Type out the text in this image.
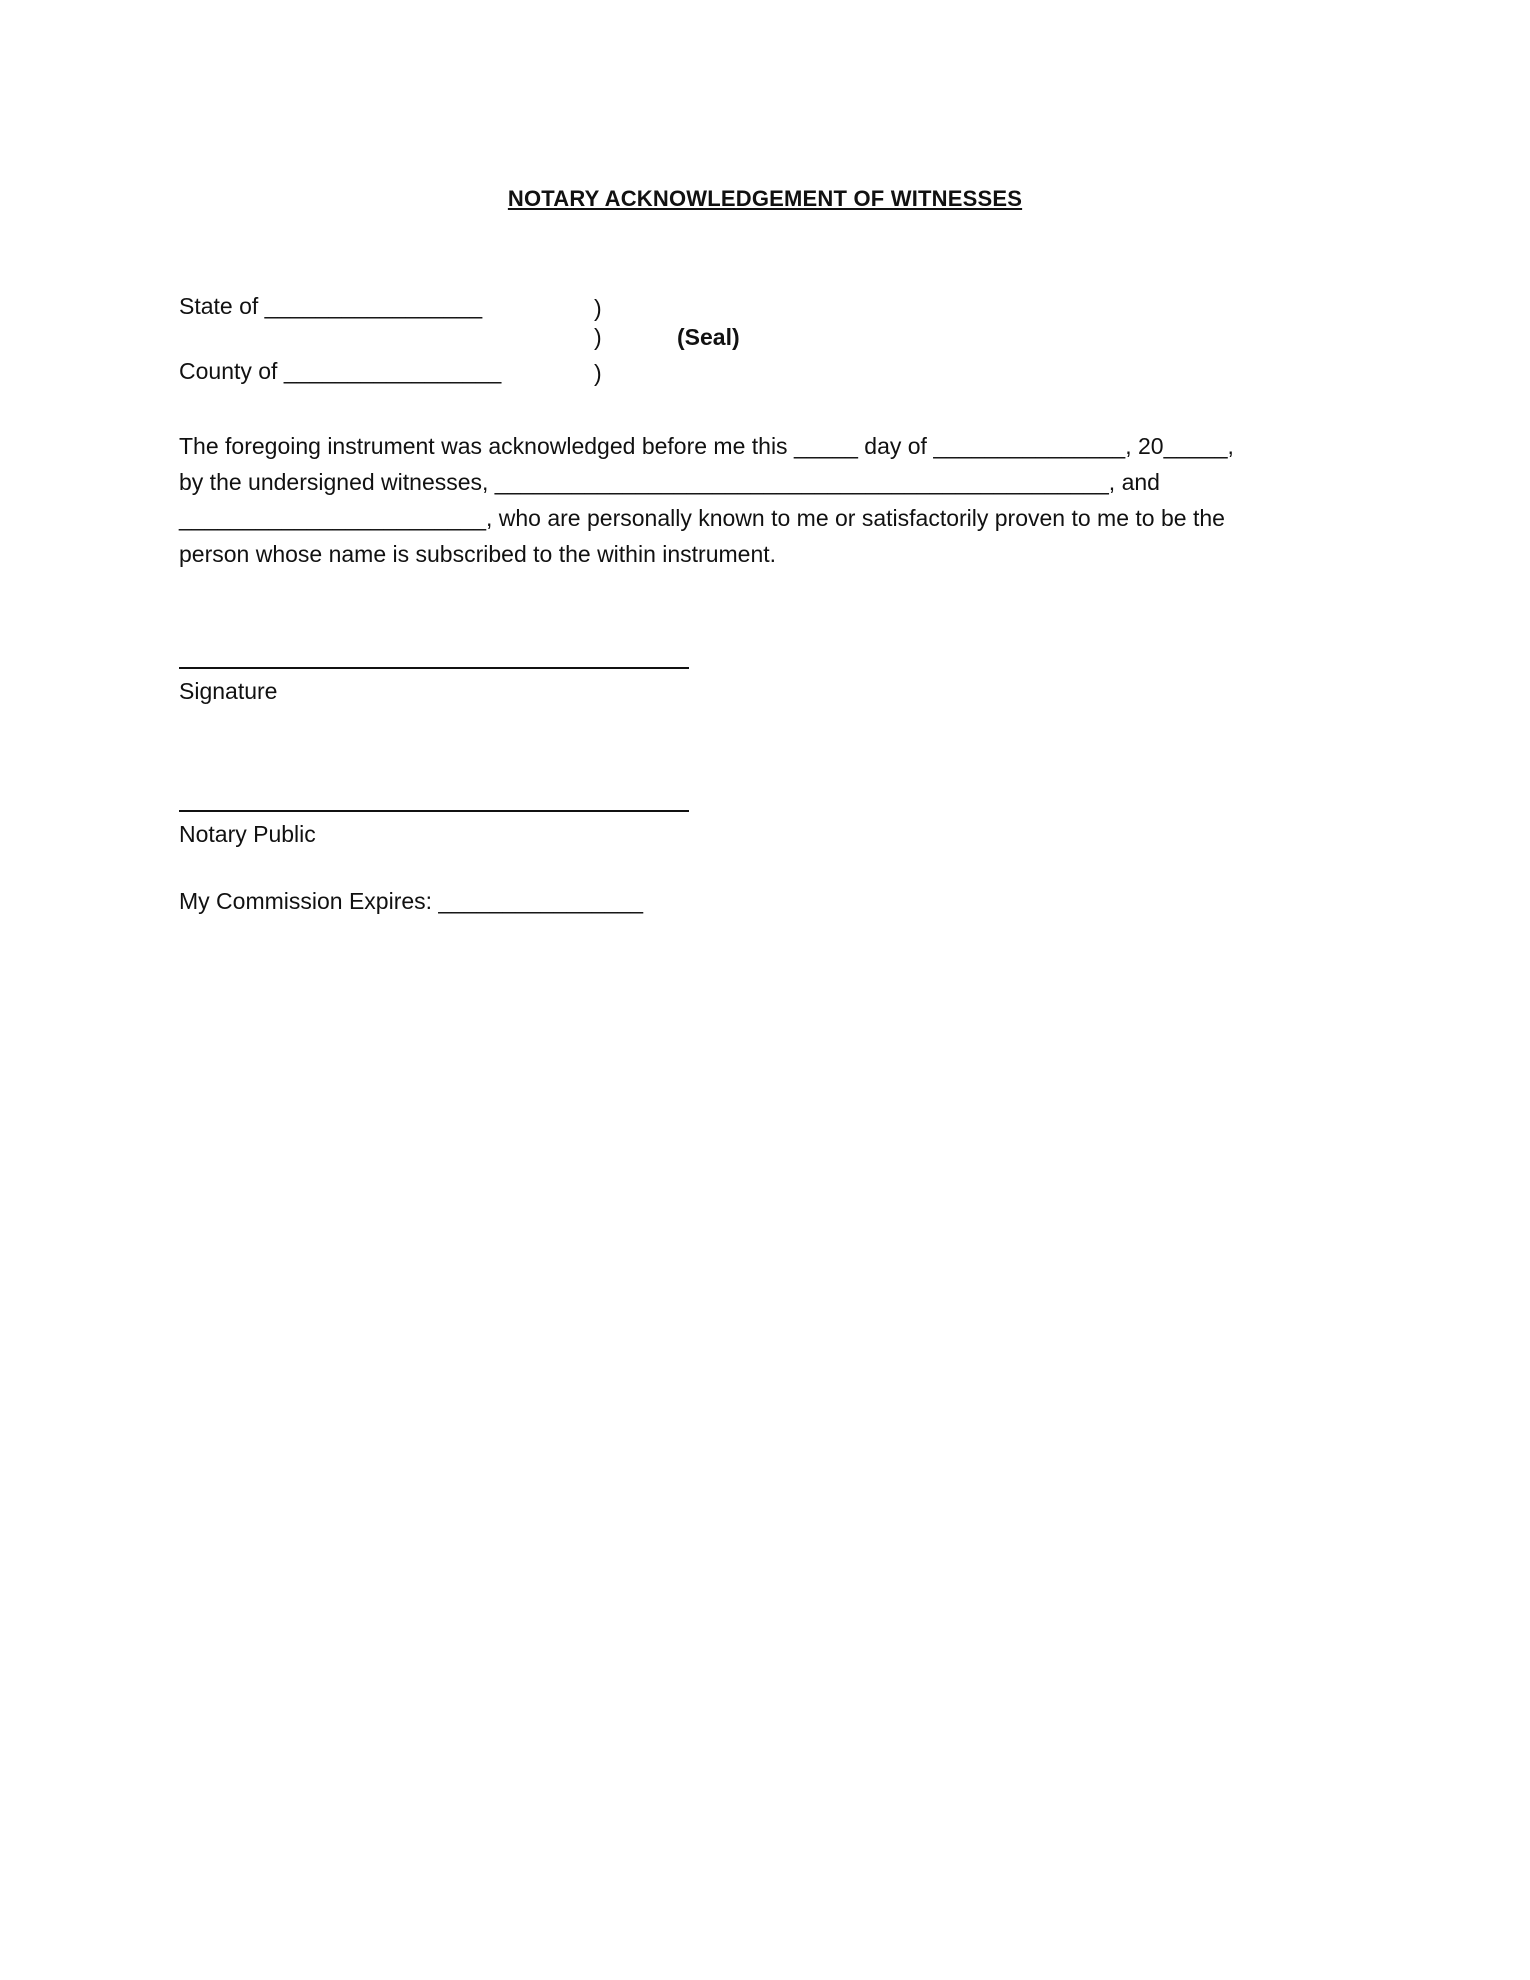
NOTARY ACKNOWLEDGEMENT OF WITNESSES
State of _________________
County of _________________
)
)
)
(Seal)
The foregoing instrument was acknowledged before me this _____ day of _______________, 20_____,
by the undersigned witnesses, ________________________________________________, and
________________________, who are personally known to me or satisfactorily proven to me to be the
person whose name is subscribed to the within instrument.
Signature
Notary Public
My Commission Expires: ________________
